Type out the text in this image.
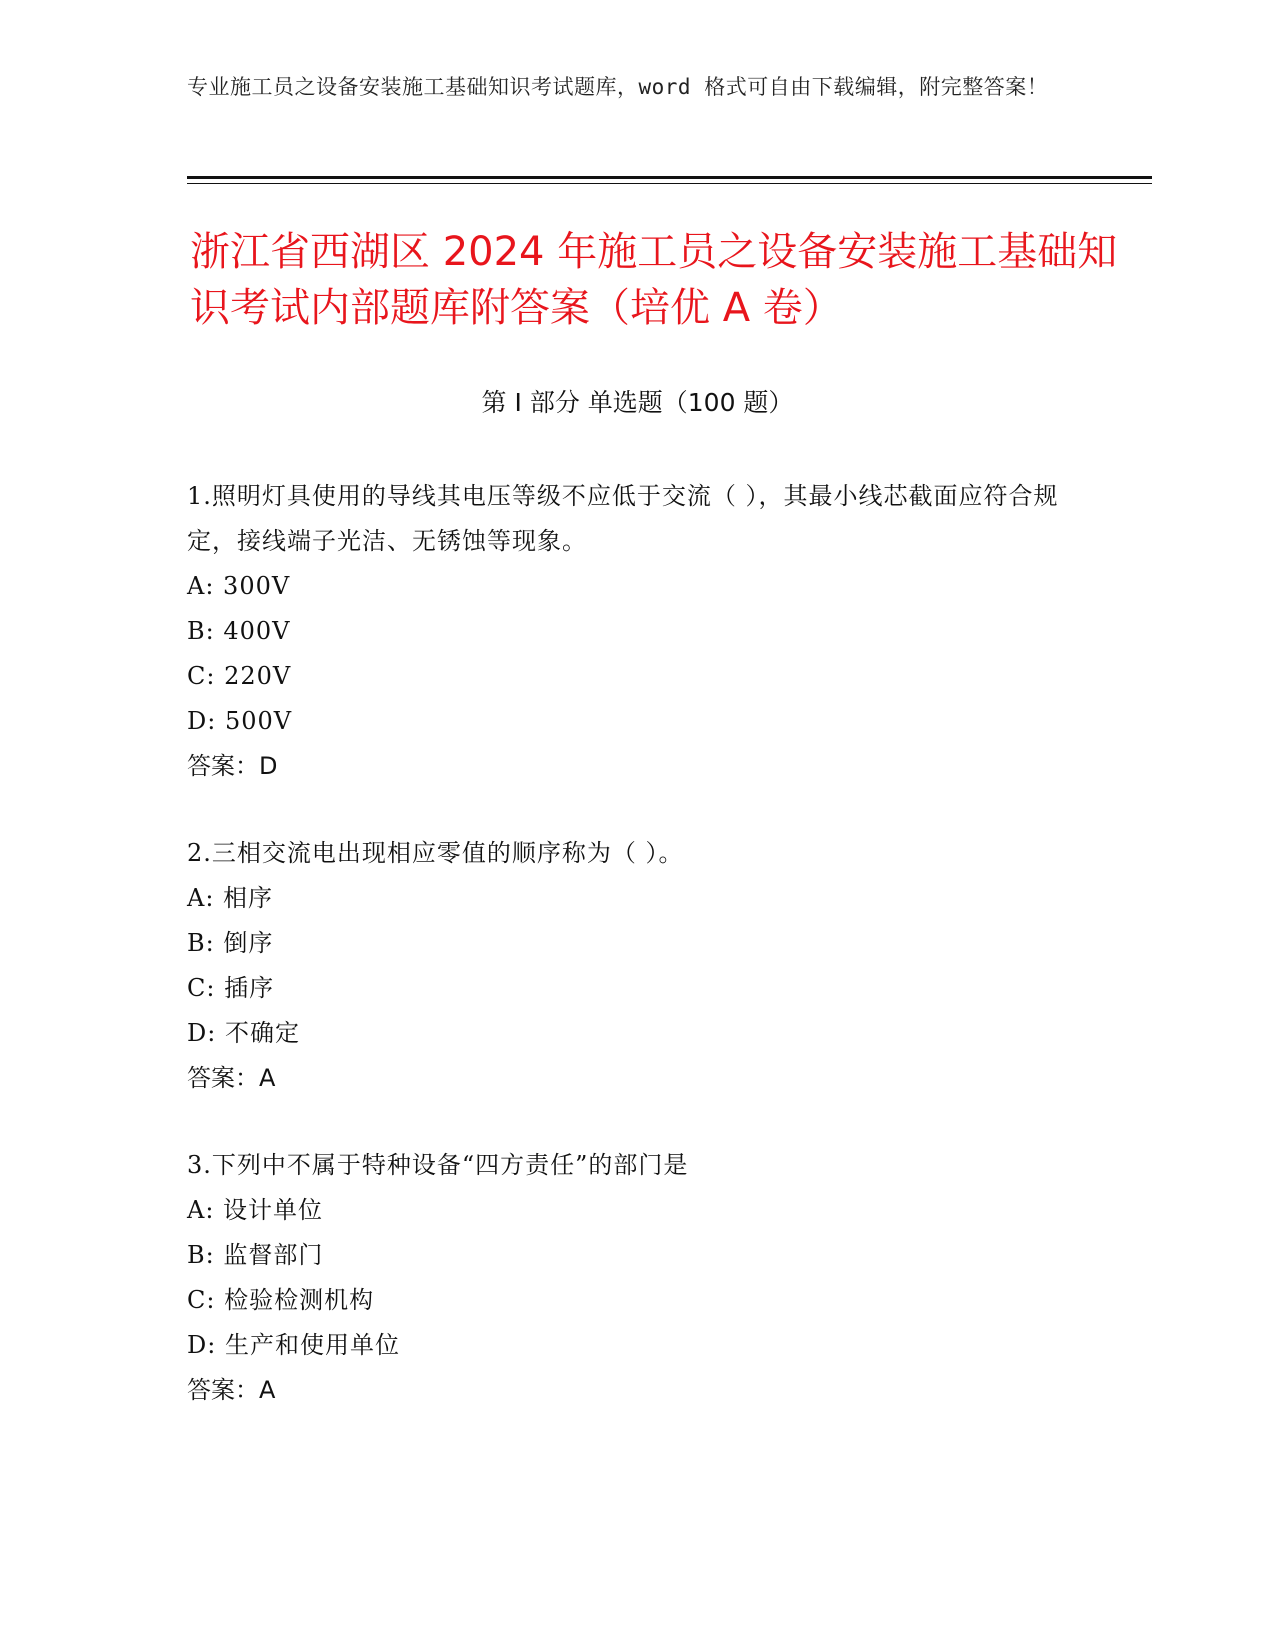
专业施工员之设备安装施工基础知识考试题库，word 格式可自由下载编辑，附完整答案！
浙江省西湖区 2024 年施工员之设备安装施工基础知识考试内部题库附答案（培优 A 卷）
第 I 部分 单选题（100 题）
1.照明灯具使用的导线其电压等级不应低于交流（ ），其最小线芯截面应符合规定，接线端子光洁、无锈蚀等现象。
A: 300V
B: 400V
C: 220V
D: 500V
答案：D
2.三相交流电出现相应零值的顺序称为（ ）。
A: 相序
B: 倒序
C: 插序
D: 不确定
答案：A
3.下列中不属于特种设备“四方责任”的部门是
A: 设计单位
B: 监督部门
C: 检验检测机构
D: 生产和使用单位
答案：A
